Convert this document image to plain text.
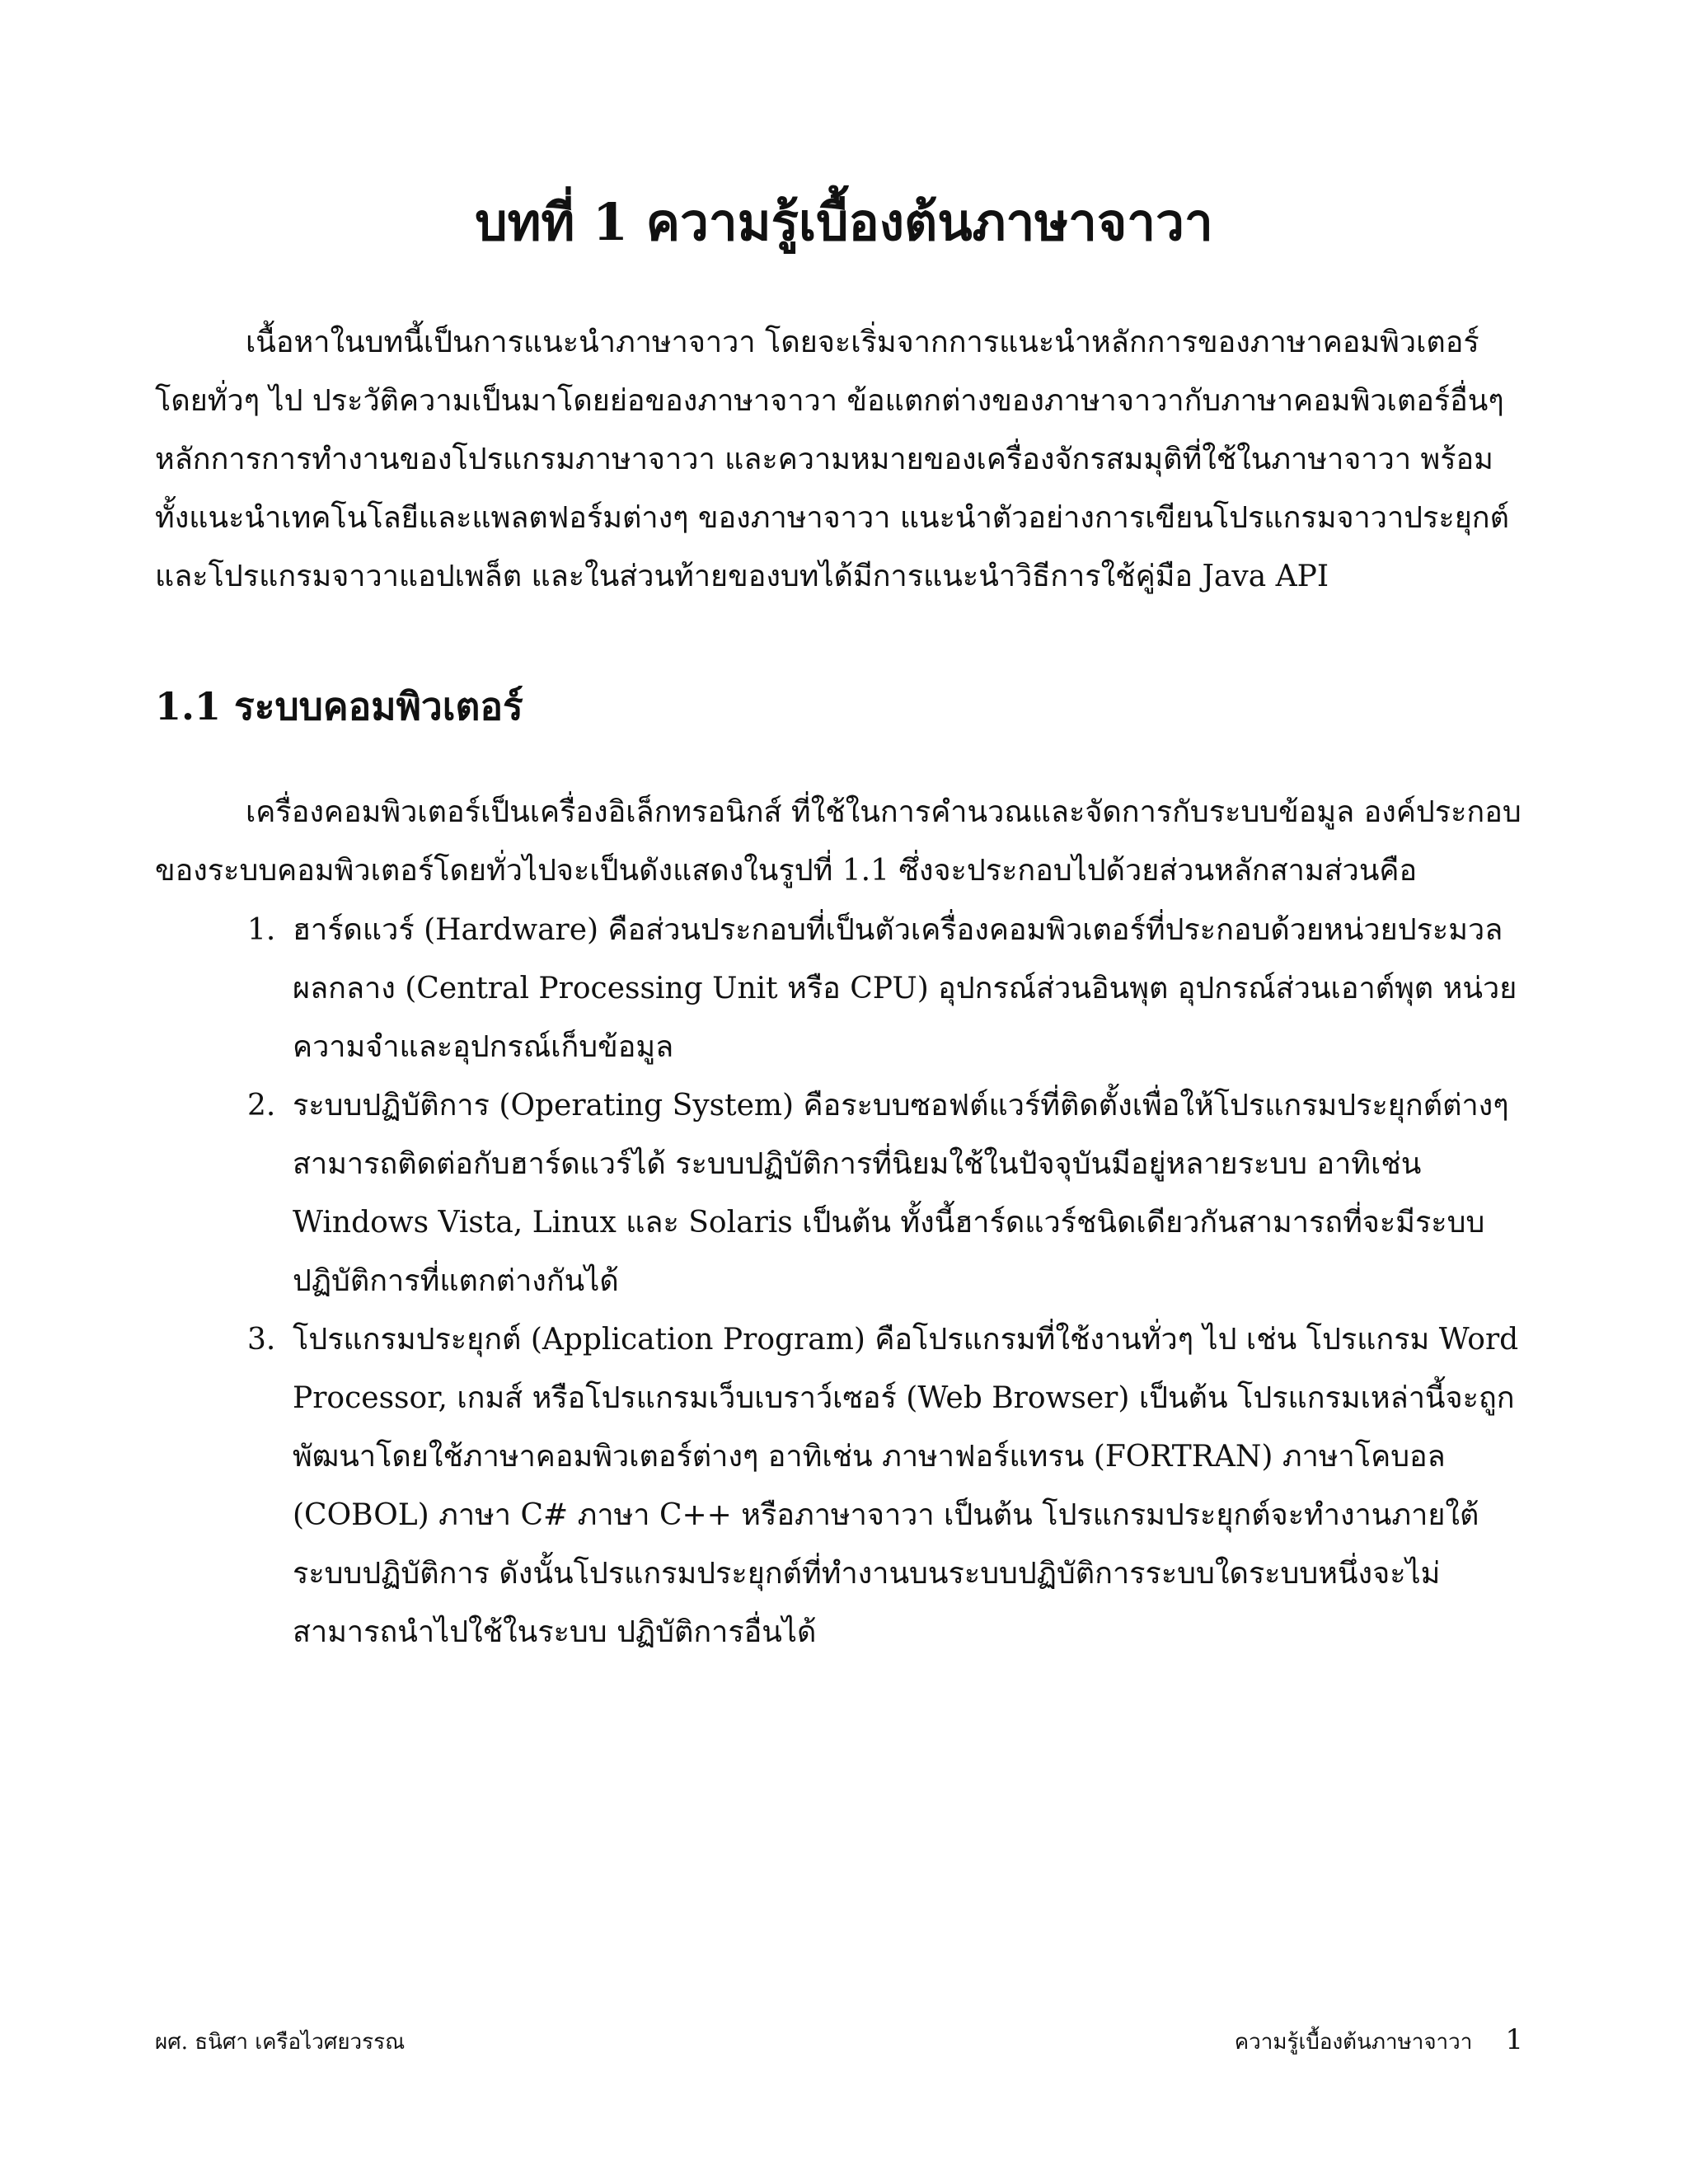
บทที่ 1 ความรู้เบื้องต้นภาษาจาวา

เนื้อหาในบทนี้เป็นการแนะนำภาษาจาวา โดยจะเริ่มจากการแนะนำหลักการของภาษาคอมพิวเตอร์โดยทั่วๆ ไป ประวัติความเป็นมาโดยย่อของภาษาจาวา ข้อแตกต่างของภาษาจาวากับภาษาคอมพิวเตอร์อื่นๆ หลักการการทำงานของโปรแกรมภาษาจาวา และความหมายของเครื่องจักรสมมุติที่ใช้ในภาษาจาวา พร้อมทั้งแนะนำเทคโนโลยีและแพลตฟอร์มต่างๆ ของภาษาจาวา แนะนำตัวอย่างการเขียนโปรแกรมจาวาประยุกต์และโปรแกรมจาวาแอปเพล็ต และในส่วนท้ายของบทได้มีการแนะนำวิธีการใช้คู่มือ Java API

1.1 ระบบคอมพิวเตอร์

เครื่องคอมพิวเตอร์เป็นเครื่องอิเล็กทรอนิกส์ ที่ใช้ในการคำนวณและจัดการกับระบบข้อมูล องค์ประกอบของระบบคอมพิวเตอร์โดยทั่วไปจะเป็นดังแสดงในรูปที่ 1.1 ซึ่งจะประกอบไปด้วยส่วนหลักสามส่วนคือ

1. ฮาร์ดแวร์ (Hardware) คือส่วนประกอบที่เป็นตัวเครื่องคอมพิวเตอร์ที่ประกอบด้วยหน่วยประมวลผลกลาง (Central Processing Unit หรือ CPU) อุปกรณ์ส่วนอินพุต อุปกรณ์ส่วนเอาต์พุต หน่วยความจำและอุปกรณ์เก็บข้อมูล
2. ระบบปฏิบัติการ (Operating System) คือระบบซอฟต์แวร์ที่ติดตั้งเพื่อให้โปรแกรมประยุกต์ต่างๆ สามารถติดต่อกับฮาร์ดแวร์ได้ ระบบปฏิบัติการที่นิยมใช้ในปัจจุบันมีอยู่หลายระบบ อาทิเช่น Windows Vista, Linux และ Solaris เป็นต้น ทั้งนี้ฮาร์ดแวร์ชนิดเดียวกันสามารถที่จะมีระบบปฏิบัติการที่แตกต่างกันได้
3. โปรแกรมประยุกต์ (Application Program) คือโปรแกรมที่ใช้งานทั่วๆ ไป เช่น โปรแกรม Word Processor, เกมส์ หรือโปรแกรมเว็บเบราว์เซอร์ (Web Browser) เป็นต้น โปรแกรมเหล่านี้จะถูกพัฒนาโดยใช้ภาษาคอมพิวเตอร์ต่างๆ อาทิเช่น ภาษาฟอร์แทรน (FORTRAN) ภาษาโคบอล (COBOL) ภาษา C# ภาษา C++ หรือภาษาจาวา เป็นต้น โปรแกรมประยุกต์จะทำงานภายใต้ระบบปฏิบัติการ ดังนั้นโปรแกรมประยุกต์ที่ทำงานบนระบบปฏิบัติการระบบใดระบบหนึ่งจะไม่สามารถนำไปใช้ในระบบ ปฏิบัติการอื่นได้
ผศ. ธนิศา เครือไวศยวรรณ	ความรู้เบื้องต้นภาษาจาวา 1
